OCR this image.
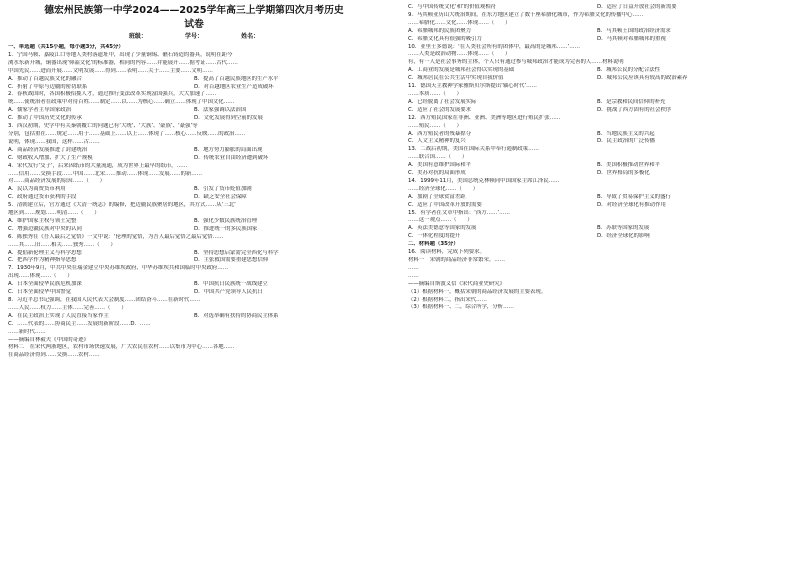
德宏州民族第一中学2024——2025学年高三上学期第四次月考历史
试卷
班级：	学号：	姓名：
一、单选题（共15小题，每小题3分，共45分）
1．宁国马鞍、嘉陵江口等地人类村落遗址中，出现了少量铜锡、礁石铸造的器具，说明在距今
浏水东新开城，铜器出现‘仰韶文化’的标准器，相同的内容……并能展开……据考证……古代……
中国先民……进而开展……文明发展……得到……表明……关于……主要……文明……
A．推动了百越民族文化的融合	B．提高了百越民族地区的生产水平
C．折射了中原与边疆的密切联系	D．对百越地区农业生产造成破坏
2．春秋战国时，各国积极招揽人才，通过推行变法改革实现富国强兵，大大加速了……
统……使统治者在政策中对待百姓……制定……以……为核心……确立……体现了中国文化……
A．儒家学者主导国家政治	B．法家强调以法治国
C．推动了中国历史文化的传承	D．文化发展得到空前的发展
3．西汉初期，史学中有关秦朝覆亡的问题已有‘大统’、‘大族’、‘豪族’、‘豪强’等
分别，包括重在……规定……用于……基础上……以上……体现了……核心……反映……的政治……
说明，体现……我国，这样……古……
A．商品经济发展推进了封建统治	B．地方势力膨胀的局面出现
C．财政收入增加、扩大了生产规模	D．传统农业自由经济遭到破坏
4．宋代发行‘交子’，后来因纸币的大量流通，成为世界上最早的纸币，……
……信用……交换手段……中国……北宋……推动……体现……发展……的新……
对……商品经济发展的原因……（　　）
A．民以为商贾货币利用	B．引发了货币贬值加剧
C．政府通过货币获利的手段	D．缺乏安全社会保障
5．清朝建立后，官方通过《大清一统志》的编修，把边疆民族聚居的地区，其方式……从‘三北’
地区到……规划……明清……（　　）
A．维护国家主权与领土完整	B．强化少数民族统治管理
C．增强边疆民族对中央的认同	D．推进统一的多民族国家
6．陈独秀在《吾人最后之觉悟》一文中说：‘伦理的觉悟，为吾人最后觉悟之最后觉悟……
……其……旧……相关……独秀……（　　）
A．提倡新伦理主义与科学思想	B．坚持思想启蒙需完全西化与科学
C．把西学作为精神指导思想	D．主张救国需要重建思想信仰
7．1930年9月，中共中央在瑞金建立中央苏维埃政府，中华苏维埃共和国临时中央政府……
出现……体现……（　　）
A．日本全面侵华民族危机加深	B．中国抗日民族统一战线建立
C．日本全面侵华中国警觉	D．中国共产党领导人民抗日
8．习近平总书记强调，在我国人民代表大会制度……团结奋斗……在新时代……
……人民……权力……主体……完善……（　　）
A．在民主政治上实现了人民直接当家作主	B．对选举确有扶持的协商民主体系
C．……代表的……协商民主……发展的新阶段……D．……
……新时代……
——摘编自林毅夫《中国的奇迹》
材料二　在宋代两浙地区，农村市场快速发展，广大农民在农村……以集市为中心……各地……
在商品经济得到……交换……农村……
C．与中国传统文化‘和’的价值观相符	D．适应了日益开放社会的新需要
9．马其顿亚历山大统治期间，在东方地区建立了数十座希腊化城市，作为希腊文化的传播中心……
……希腊化……文化……体现……（　　）
A．希腊城邦的民族团聚力	B．马其顿王国的政治经济需求
C．希腊文化具有很强的吸引力	D．马其顿对希腊城邦的重视
10．亚里士多德说：‘在人类社会所有的团体中，最高的是城邦……’……
……人类是政治动物……体现……（　　）
有，有一人是社会事务的主体，个人只有通过参与城邦政治才能成为完善的人……材料说明
A．工商业的发展是城邦社会得以实现的基础	B．城邦公民的分配合法性
C．城邦居民在公共生活中实现自我价值	D．城邦公民应该具有较高的政治素养
11．德国天主教神学家雅斯贝尔斯提出‘轴心时代’……
……本质……（　　）
A．已经脱离了社会发展实际	B．是宗教和民间信仰的补充
C．适应了社会的发展要求	D．挑战了西方固有的社会秩序
12．西方殖民国家在非洲、亚洲、美洲等地区进行殖民扩张……
……殖民……（　　）
A．西方殖民者的残暴掠夺	B．当地民族主义的兴起
C．人文主义精神的复兴	D．民主政治的广泛传播
13．二战后初期，美国在国际关系中奉行遏制政策……
……联合国……（　　）
A．美国有意维护国际和平	B．美国积极推动世界和平
C．美苏对抗的局面形成	D．世界格局的多极化
14．1999年11月，美国总统克林顿同中国国家主席江泽民……
……经济全球化……（　　）
A．加剧了全球贫富差距	B．导致了贸易保护主义的盛行
C．适应了中国改革开放的需要	D．对经济全球化有推动作用
15．有学者在文章中指出：‘西方……’……
……这一观点……（　　）
A．英法美德意等国家的发展	B．苏联等国家的发展
C．一体化程度的提升	D．经济全球化的影响
二、材料题（35分）
16．阅读材料，完成下列要求。
材料一　宋朝的商品经济非常繁荣。……
……
……
——摘编自斯波义信《宋代商业史研究》
（1）根据材料一，概括宋朝的商品经济发展的主要表现。
（2）根据材料二，指出宋代……
（3）根据材料一、二，综合所学，分析……
